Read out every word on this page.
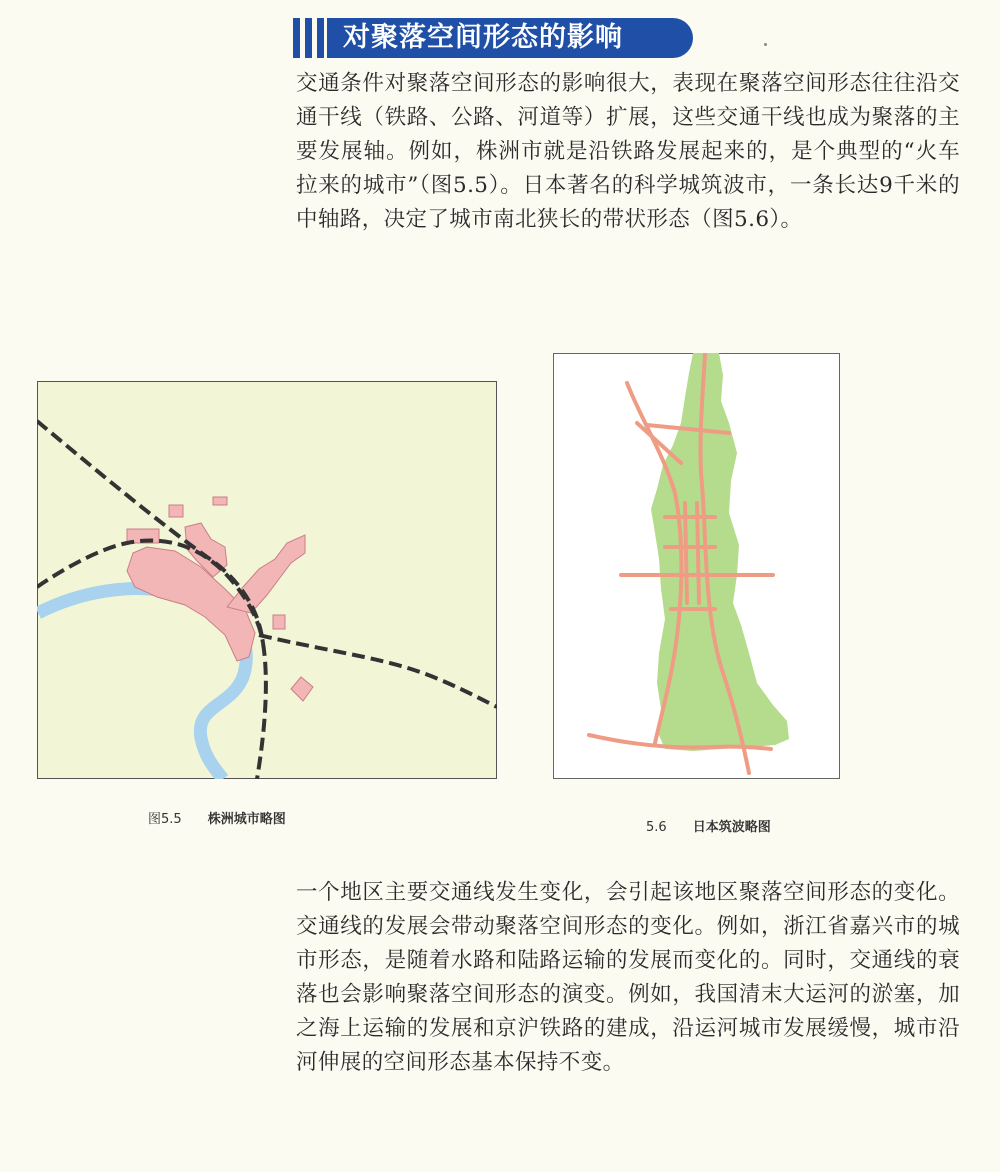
对聚落空间形态的影响

交通条件对聚落空间形态的影响很大，表现在聚落空间形态往往沿交通干线（铁路、公路、河道等）扩展，这些交通干线也成为聚落的主要发展轴。例如，株洲市就是沿铁路发展起来的，是个典型的“火车拉来的城市”（图5.5）。日本著名的科学城筑波市，一条长达9千米的中轴路，决定了城市南北狭长的带状形态（图5.6）。

图5.5 株洲城市略图
5.6 日本筑波略图

一个地区主要交通线发生变化，会引起该地区聚落空间形态的变化。交通线的发展会带动聚落空间形态的变化。例如，浙江省嘉兴市的城市形态，是随着水路和陆路运输的发展而变化的。同时，交通线的衰落也会影响聚落空间形态的演变。例如，我国清末大运河的淤塞，加之海上运输的发展和京沪铁路的建成，沿运河城市发展缓慢，城市沿河伸展的空间形态基本保持不变。
